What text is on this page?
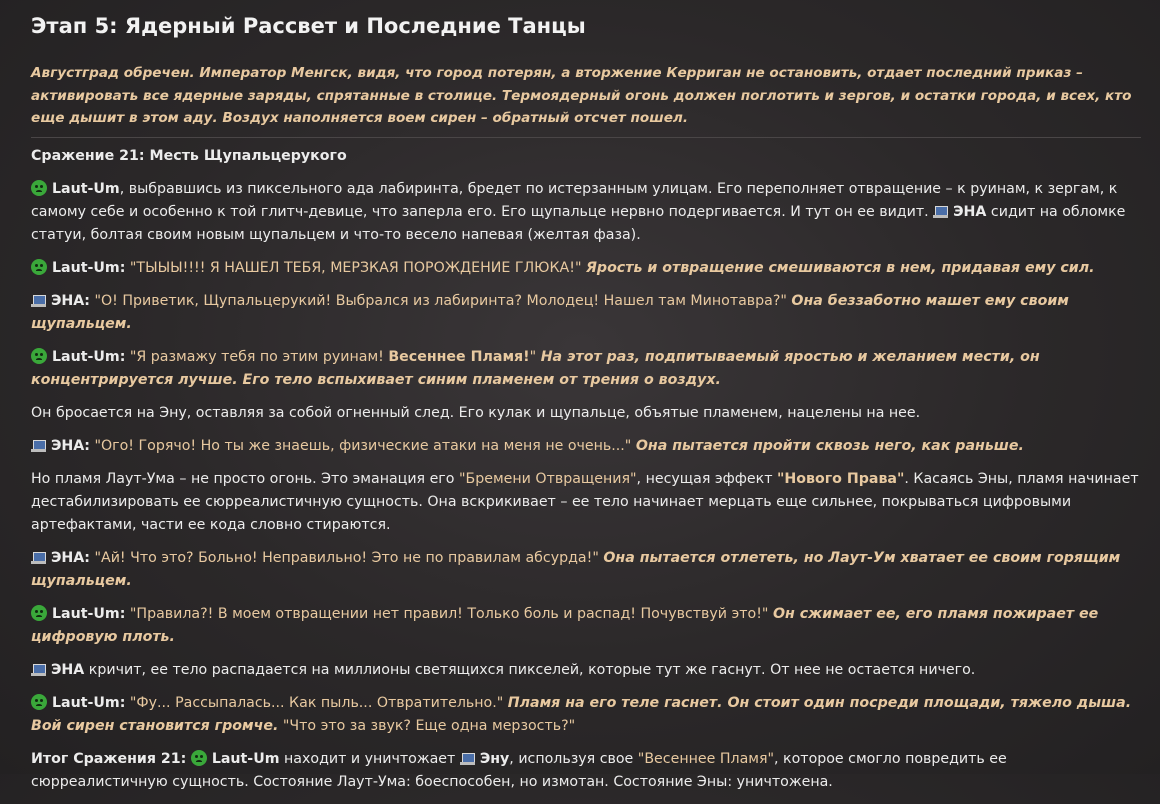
Этап 5: Ядерный Рассвет и Последние Танцы
Августград обречен. Император Менгск, видя, что город потерян, а вторжение Керриган не остановить, отдает последний приказ – активировать все ядерные заряды, спрятанные в столице. Термоядерный огонь должен поглотить и зергов, и остатки города, и всех, кто еще дышит в этом аду. Воздух наполняется воем сирен – обратный отсчет пошел.

Сражение 21: Месть Щупальцерукого

Laut-Um, выбравшись из пиксельного ада лабиринта, бредет по истерзанным улицам. Его переполняет отвращение – к руинам, к зергам, к самому себе и особенно к той глитч-девице, что заперла его. Его щупальце нервно подергивается. И тут он ее видит. ЭНА сидит на обломке статуи, болтая своим новым щупальцем и что-то весело напевая (желтая фаза).

Laut-Um: "ТЫЫЫ!!!! Я НАШЕЛ ТЕБЯ, МЕРЗКАЯ ПОРОЖДЕНИЕ ГЛЮКА!" Ярость и отвращение смешиваются в нем, придавая ему сил.

ЭНА: "О! Приветик, Щупальцерукий! Выбрался из лабиринта? Молодец! Нашел там Минотавра?" Она беззаботно машет ему своим щупальцем.

Laut-Um: "Я размажу тебя по этим руинам! Весеннее Пламя!" На этот раз, подпитываемый яростью и желанием мести, он концентрируется лучше. Его тело вспыхивает синим пламенем от трения о воздух.

Он бросается на Эну, оставляя за собой огненный след. Его кулак и щупальце, объятые пламенем, нацелены на нее.

ЭНА: "Ого! Горячо! Но ты же знаешь, физические атаки на меня не очень..." Она пытается пройти сквозь него, как раньше.

Но пламя Лаут-Ума – не просто огонь. Это эманация его "Бремени Отвращения", несущая эффект "Нового Права". Касаясь Эны, пламя начинает дестабилизировать ее сюрреалистичную сущность. Она вскрикивает – ее тело начинает мерцать еще сильнее, покрываться цифровыми артефактами, части ее кода словно стираются.

ЭНА: "Ай! Что это? Больно! Неправильно! Это не по правилам абсурда!" Она пытается отлететь, но Лаут-Ум хватает ее своим горящим щупальцем.

Laut-Um: "Правила?! В моем отвращении нет правил! Только боль и распад! Почувствуй это!" Он сжимает ее, его пламя пожирает ее цифровую плоть.

ЭНА кричит, ее тело распадается на миллионы светящихся пикселей, которые тут же гаснут. От нее не остается ничего.

Laut-Um: "Фу... Рассыпалась... Как пыль... Отвратительно." Пламя на его теле гаснет. Он стоит один посреди площади, тяжело дыша. Вой сирен становится громче. "Что это за звук? Еще одна мерзость?"

Итог Сражения 21: Laut-Um находит и уничтожает Эну, используя свое "Весеннее Пламя", которое смогло повредить ее сюрреалистичную сущность. Состояние Лаут-Ума: боеспособен, но измотан. Состояние Эны: уничтожена.
